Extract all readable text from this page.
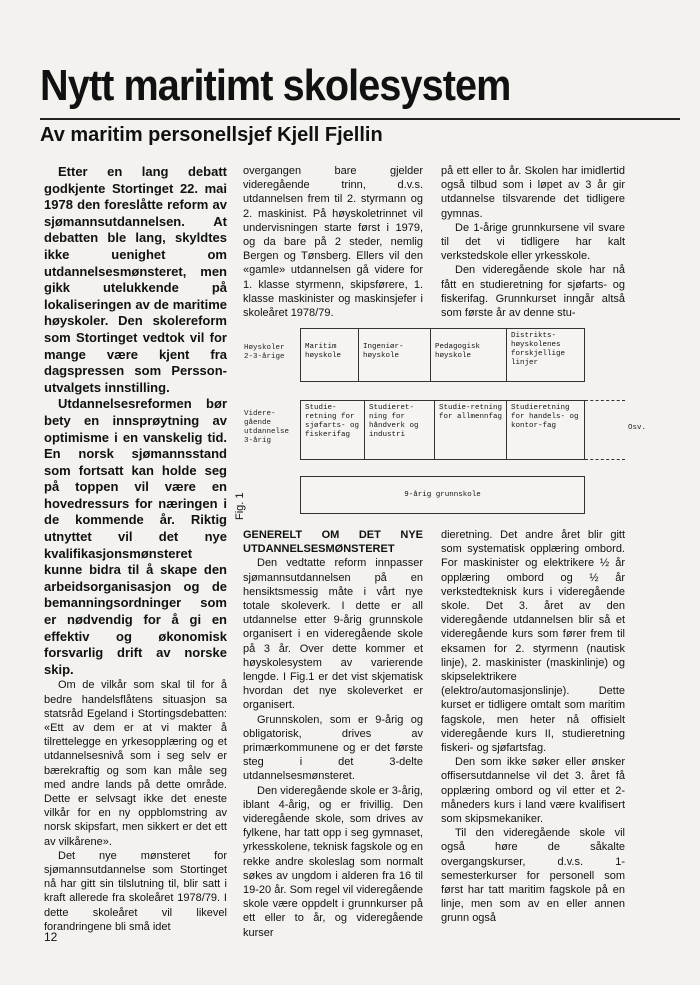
Nytt maritimt skolesystem
Av maritim personellsjef Kjell Fjellin

Etter en lang debatt godkjente Stortinget 22. mai 1978 den foreslåtte reform av sjømannsutdannelsen. At debatten ble lang, skyldtes ikke uenighet om utdannelsesmønsteret, men gikk utelukkende på lokaliseringen av de maritime høyskoler. Den skolereform som Stortinget vedtok vil for mange være kjent fra dagspressen som Persson-utvalgets innstilling.

Utdannelsesreformen bør bety en innsprøytning av optimisme i en vanskelig tid. En norsk sjømannsstand som fortsatt kan holde seg på toppen vil være en hovedressurs for næringen i de kommende år. Riktig utnyttet vil det nye kvalifikasjonsmønsteret kunne bidra til å skape den arbeidsorganisasjon og de bemanningsordninger som er nødvendig for å gi en effektiv og økonomisk forsvarlig drift av norske skip.

Om de vilkår som skal til for å bedre handelsflåtens situasjon sa statsråd Egeland i Stortingsdebatten: «Ett av dem er at vi makter å tilrettelegge en yrkesopplæring og et utdannelsesnivå som i seg selv er bærekraftig og som kan måle seg med andre lands på dette område. Dette er selvsagt ikke det eneste vilkår for en ny oppblomstring av norsk skipsfart, men sikkert er det ett av vilkårene».

Det nye mønsteret for sjømannsutdannelse som Stortinget nå har gitt sin tilslutning til, blir satt i kraft allerede fra skoleåret 1978/79. I dette skoleåret vil likevel forandringene bli små idet

overgangen bare gjelder videregående trinn, d.v.s. utdannelsen frem til 2. styrmann og 2. maskinist. På høyskoletrinnet vil undervisningen starte først i 1979, og da bare på 2 steder, nemlig Bergen og Tønsberg. Ellers vil den «gamle» utdannelsen gå videre for 1. klasse styrmenn, skipsførere, 1. klasse maskinister og maskinsjefer i skoleåret 1978/79.

GENERELT OM DET NYE UTDANNELSESMØNSTERET

Den vedtatte reform innpasser sjømannsutdannelsen på en hensiktsmessig måte i vårt nye totale skoleverk. I dette er all utdannelse etter 9-årig grunnskole organisert i en videregående skole på 3 år. Over dette kommer et høyskolesystem av varierende lengde. I Fig.1 er det vist skjematisk hvordan det nye skoleverket er organisert.

Grunnskolen, som er 9-årig og obligatorisk, drives av primærkommunene og er det første steg i det 3-delte utdannelsesmønsteret.

Den videregående skole er 3-årig, iblant 4-årig, og er frivillig. Den videregående skole, som drives av fylkene, har tatt opp i seg gymnaset, yrkesskolene, teknisk fagskole og en rekke andre skoleslag som normalt søkes av ungdom i alderen fra 16 til 19-20 år. Som regel vil videregående skole være oppdelt i grunnkurser på ett eller to år, og videregående kurser

på ett eller to år. Skolen har imidlertid også tilbud som i løpet av 3 år gir utdannelse tilsvarende det tidligere gymnas.

De 1-årige grunnkursene vil svare til det vi tidligere har kalt verkstedskole eller yrkesskole.

Den videregående skole har nå fått en studieretning for sjøfarts- og fiskerifag. Grunnkurset inngår altså som første år av denne stu-

dieretning. Det andre året blir gitt som systematisk opplæring ombord. For maskinister og elektrikere ½ år opplæring ombord og ½ år verkstedteknisk kurs i videregående skole. Det 3. året av den videregående utdannelsen blir så et videregående kurs som fører frem til eksamen for 2. styrmenn (nautisk linje), 2. maskinister (maskinlinje) og skipselektrikere (elektro/automasjonslinje). Dette kurset er tidligere omtalt som maritim fagskole, men heter nå offisielt videregående kurs II, studieretning fiskeri- og sjøfartsfag.

Den som ikke søker eller ønsker offisersutdannelse vil det 3. året få opplæring ombord og vil etter et 2-måneders kurs i land være kvalifisert som skipsmekaniker.

Til den videregående skole vil også høre de såkalte overgangskurser, d.v.s. 1-semesterkurser for personell som først har tatt maritim fagskole på en linje, men som av en eller annen grunn også

Høyskoler 2-3-årige
Maritim høyskole
Ingeniør-høyskole
Pedagogisk høyskole
Distrikts-høyskolenes forskjellige linjer
Videre-gående utdannelse 3-årig
Studie-retning for sjøfarts- og fiskerifag
Studieret-ning for håndverk og industri
Studie-retning for allmennfag
Studieretning for handels- og kontor-fag	Osv.
9-årig grunnskole
Fig. 1
12
